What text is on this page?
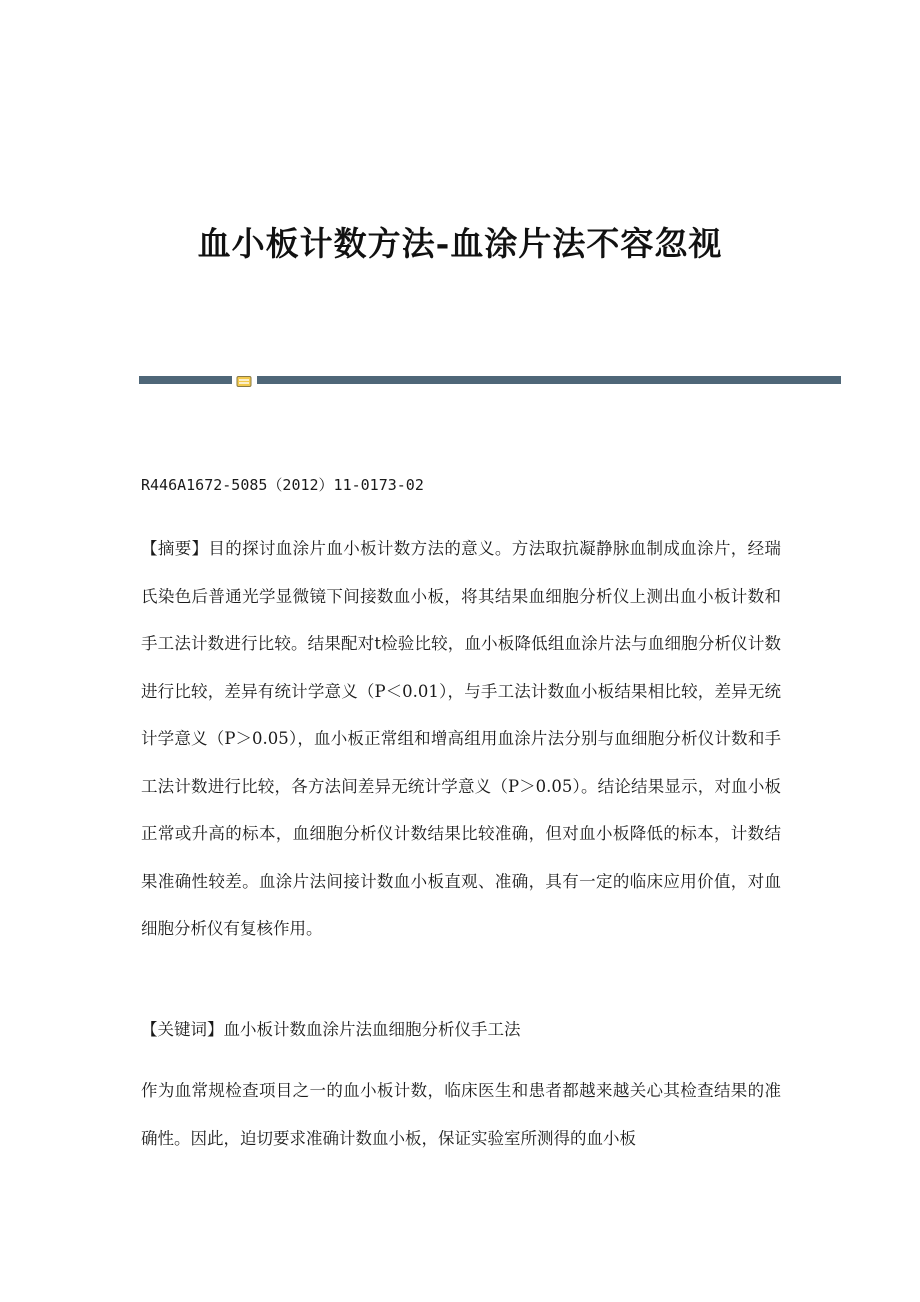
血小板计数方法-血涂片法不容忽视
R446A1672-5085（2012）11-0173-02

【摘要】目的探讨血涂片血小板计数方法的意义。方法取抗凝静脉血制成血涂片，经瑞氏染色后普通光学显微镜下间接数血小板，将其结果血细胞分析仪上测出血小板计数和手工法计数进行比较。结果配对t检验比较，血小板降低组血涂片法与血细胞分析仪计数进行比较，差异有统计学意义（P＜0.01），与手工法计数血小板结果相比较，差异无统计学意义（P＞0.05），血小板正常组和增高组用血涂片法分别与血细胞分析仪计数和手工法计数进行比较，各方法间差异无统计学意义（P＞0.05）。结论结果显示，对血小板正常或升高的标本，血细胞分析仪计数结果比较准确，但对血小板降低的标本，计数结果准确性较差。血涂片法间接计数血小板直观、准确，具有一定的临床应用价值，对血细胞分析仪有复核作用。

【关键词】血小板计数血涂片法血细胞分析仪手工法

作为血常规检查项目之一的血小板计数，临床医生和患者都越来越关心其检查结果的准确性。因此，迫切要求准确计数血小板，保证实验室所测得的血小板
